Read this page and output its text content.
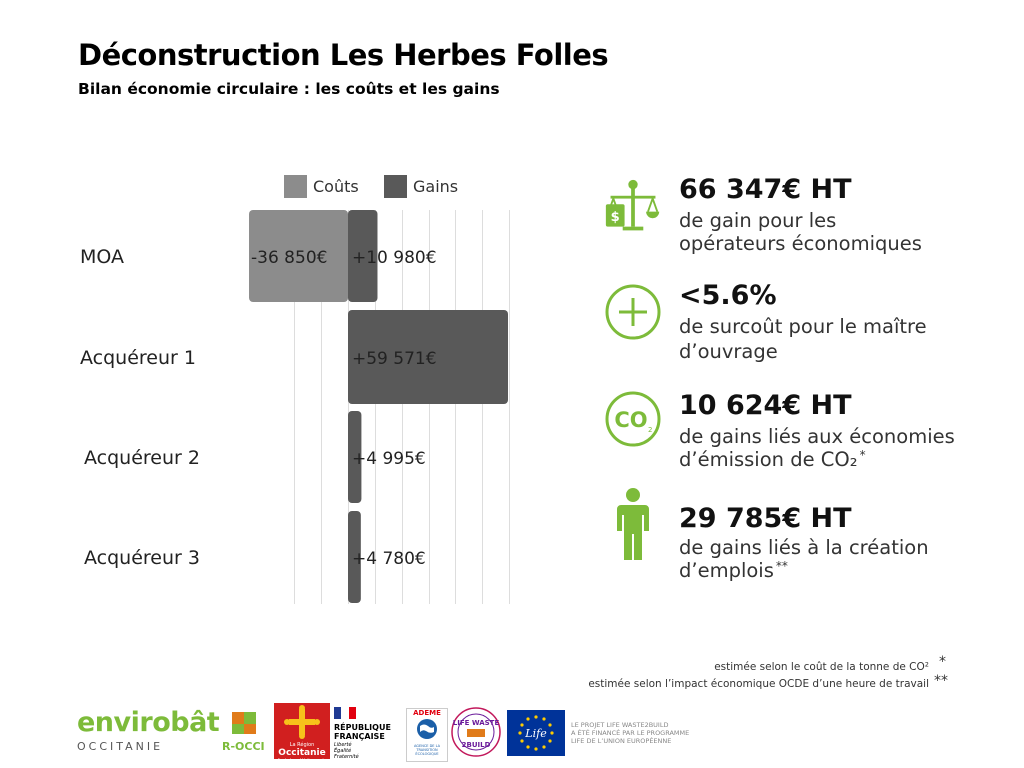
Déconstruction Les Herbes Folles
Bilan économie circulaire : les coûts et les gains
Coûts	Gains
MOA	-36 850€ +10 980€
Acquéreur 1	+59 571€
Acquéreur 2	+4 995€
Acquéreur 3	+4 780€
$
66 347€ HT
de gain pour les
opérateurs économiques
<5.6%
de surcoût pour le maître
d’ouvrage
CO 2
10 624€ HT
de gains liés aux économies
d’émission de CO₂ *
29 785€ HT
de gains liés à la création
d’emplois **
estimée selon le coût de la tonne de CO² *
estimée selon l’impact économique OCDE d’une heure de travail **
envirobât
OCCITANIE	R-OCCI	La Région
Occitanie
Pyrénées · Méditerranée
RÉPUBLIQUE
FRANÇAISE
Liberté
Égalité
Fraternité
ADEME
AGENCE DE LA
TRANSITION
ÉCOLOGIQUE
LIFE WASTE
2BUILD
Life
LE PROJET LIFE WASTE2BUILD
A ÉTÉ FINANCÉ PAR LE PROGRAMME
LIFE DE L’UNION EUROPÉENNE
